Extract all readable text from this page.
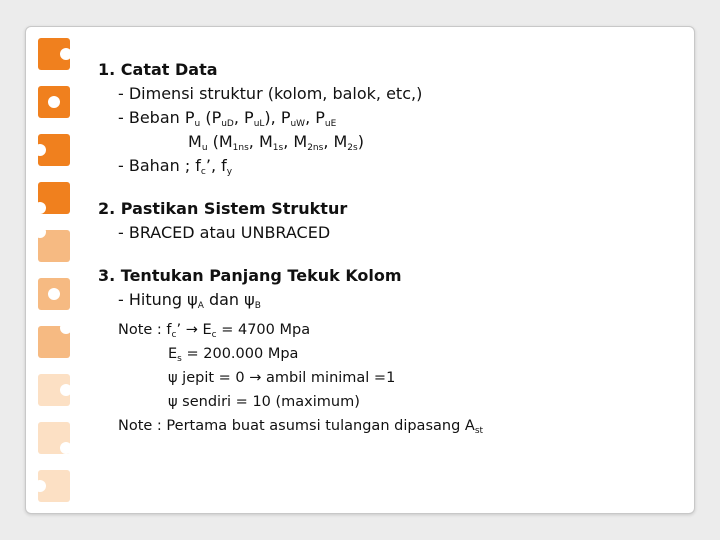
1. Catat Data
- Dimensi struktur (kolom, balok, etc,)
- Beban $P_u$ ($P_{uD}$, $P_{uL}$), $P_{uW}$, $P_{uE}$
$M_u$ ($M_{1ns}$, $M_{1s}$, $M_{2ns}$, $M_{2s}$)
- Bahan ; $f_c$’, $f_y$
2. Pastikan Sistem Struktur
- BRACED atau UNBRACED
3. Tentukan Panjang Tekuk Kolom
- Hitung $\psi_A$ dan $\psi_B$
Note : $f_c$’ → $E_c = 4700$ Mpa
$E_s = 200.000$ Mpa
ψ jepit = 0 → ambil minimal =1
ψ sendiri = 10 (maximum)
Note : Pertama buat asumsi tulangan dipasang $A_{st}$
